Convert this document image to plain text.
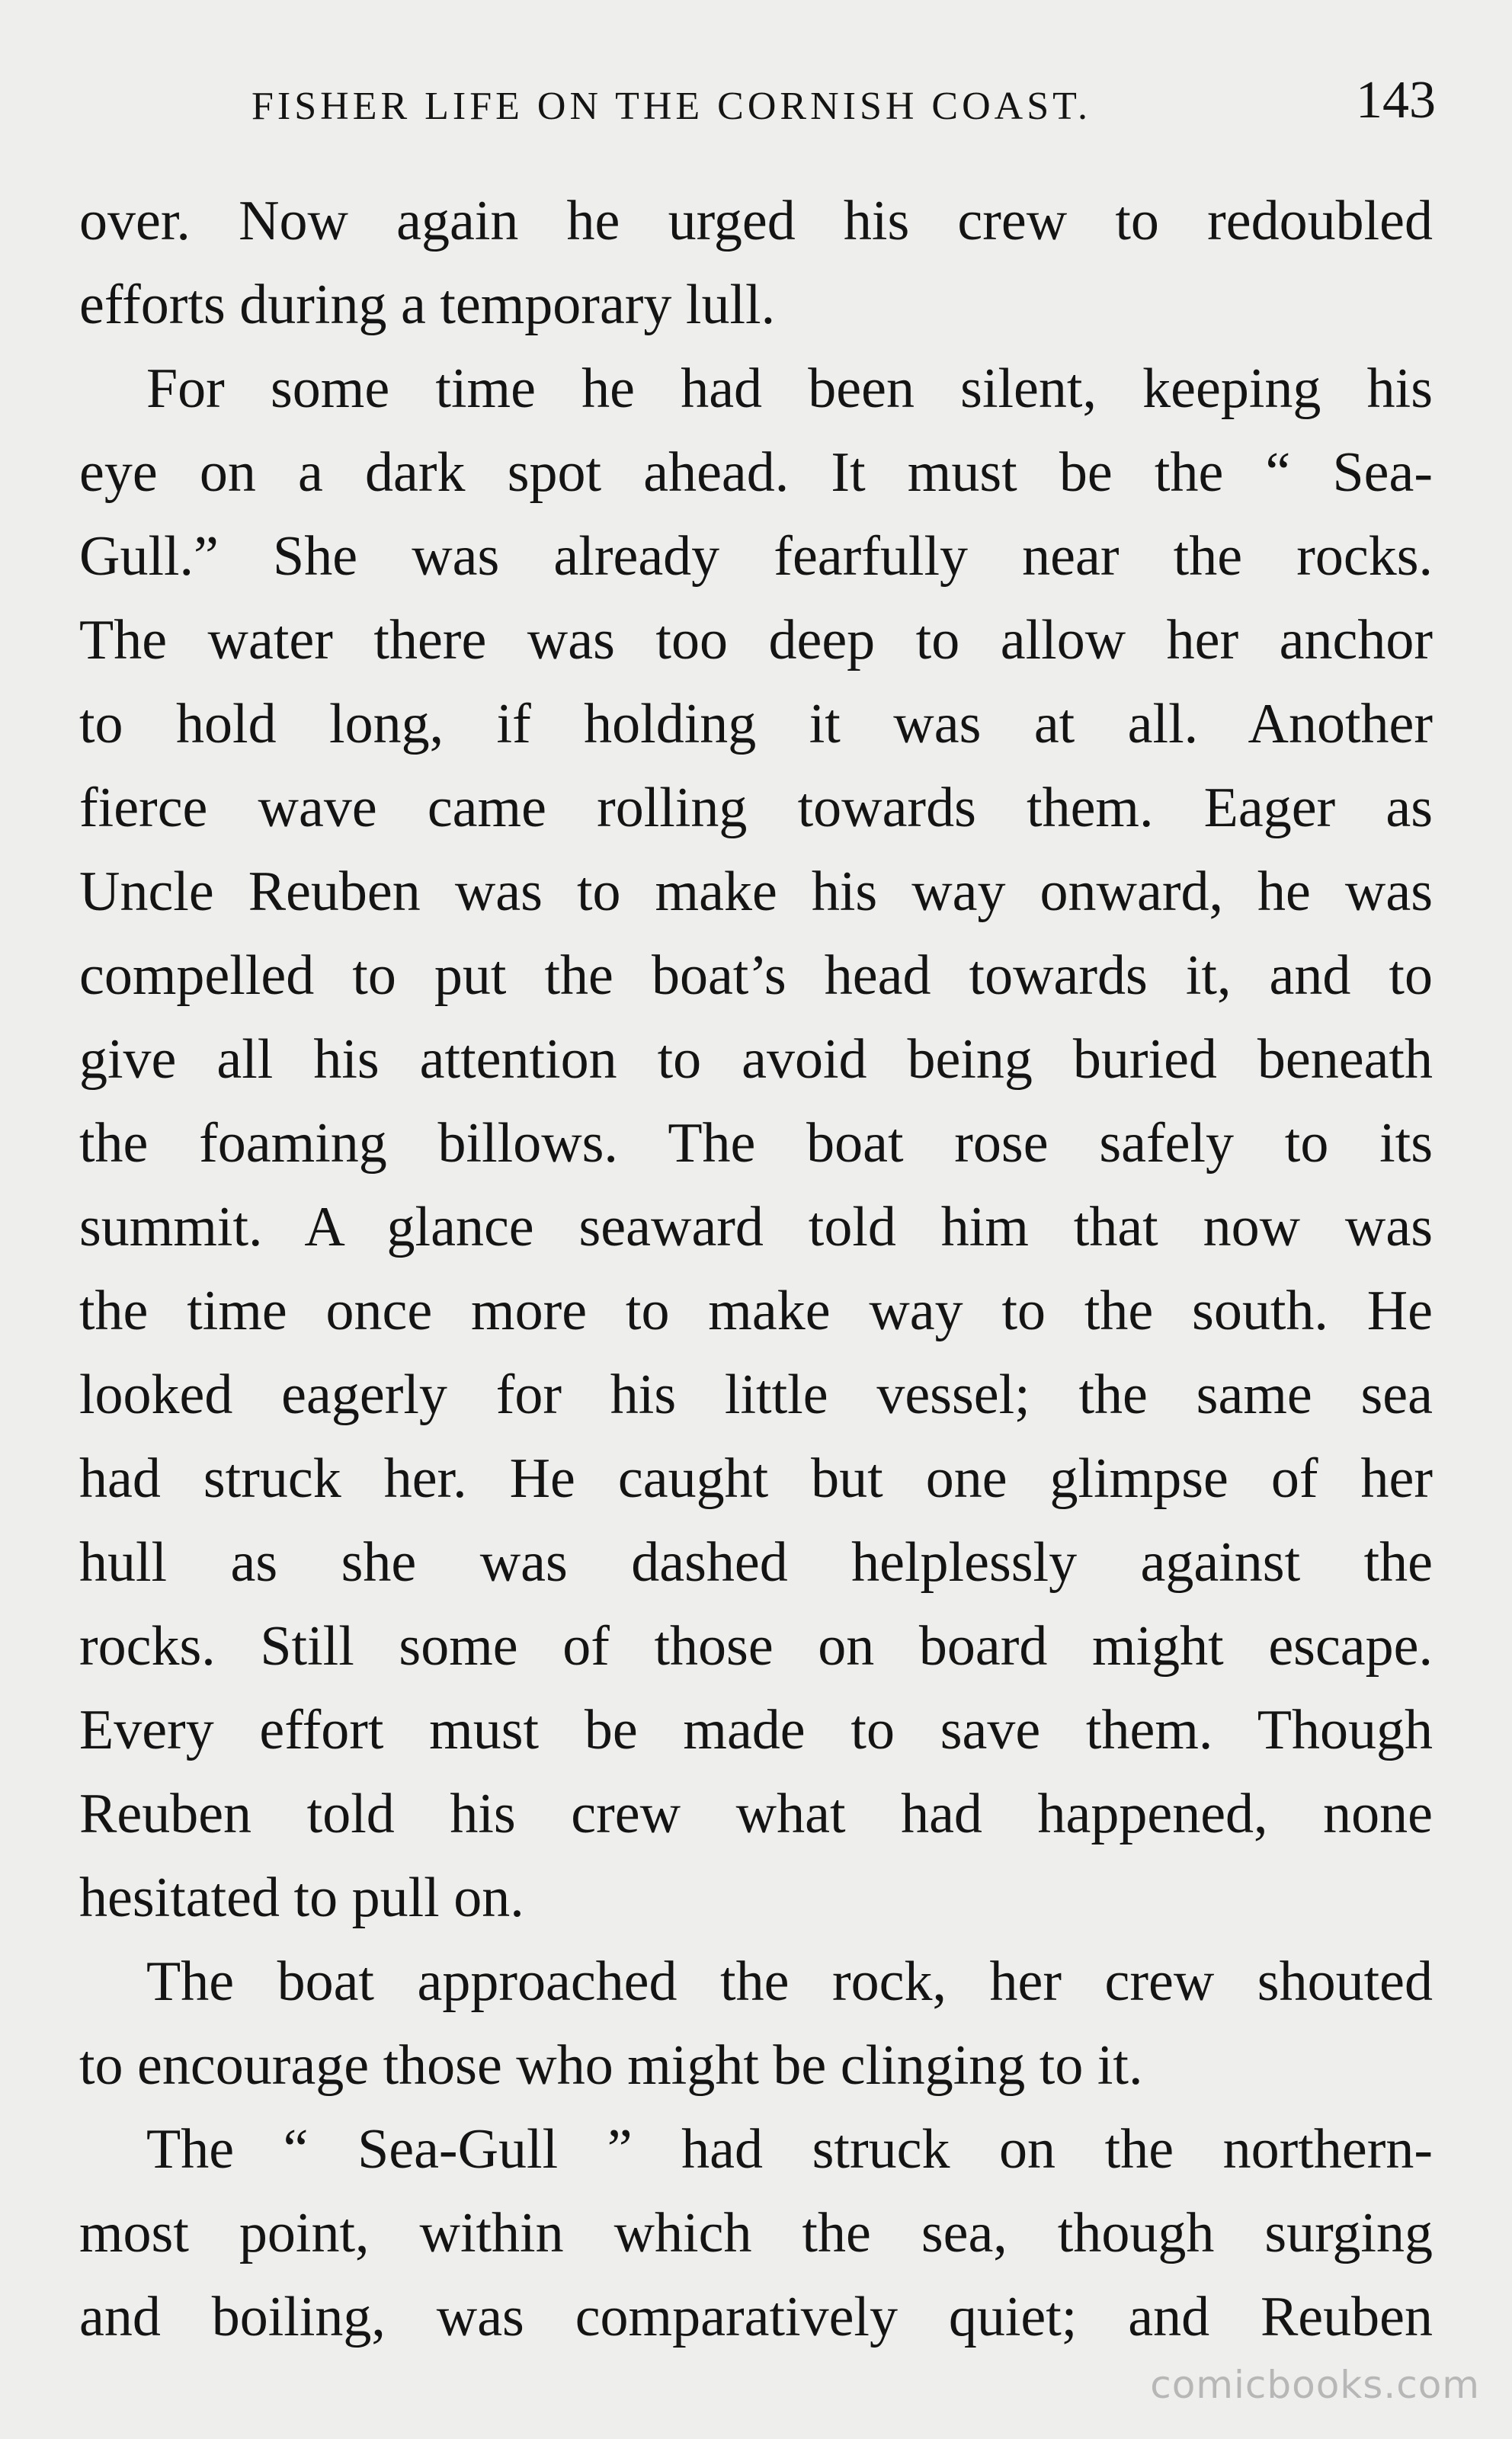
FISHER LIFE ON THE CORNISH COAST.	143
over. Now again he urged his crew to redoubled
efforts during a temporary lull.
For some time he had been silent, keeping his
eye on a dark spot ahead. It must be the “ Sea-
Gull.” She was already fearfully near the rocks.
The water there was too deep to allow her anchor
to hold long, if holding it was at all. Another
fierce wave came rolling towards them. Eager as
Uncle Reuben was to make his way onward, he was
compelled to put the boat’s head towards it, and to
give all his attention to avoid being buried beneath
the foaming billows. The boat rose safely to its
summit. A glance seaward told him that now was
the time once more to make way to the south. He
looked eagerly for his little vessel; the same sea
had struck her. He caught but one glimpse of her
hull as she was dashed helplessly against the
rocks. Still some of those on board might escape.
Every effort must be made to save them. Though
Reuben told his crew what had happened, none
hesitated to pull on.
The boat approached the rock, her crew shouted
to encourage those who might be clinging to it.
The “ Sea-Gull ” had struck on the northern-
most point, within which the sea, though surging
and boiling, was comparatively quiet; and Reuben
comicbooks.com
